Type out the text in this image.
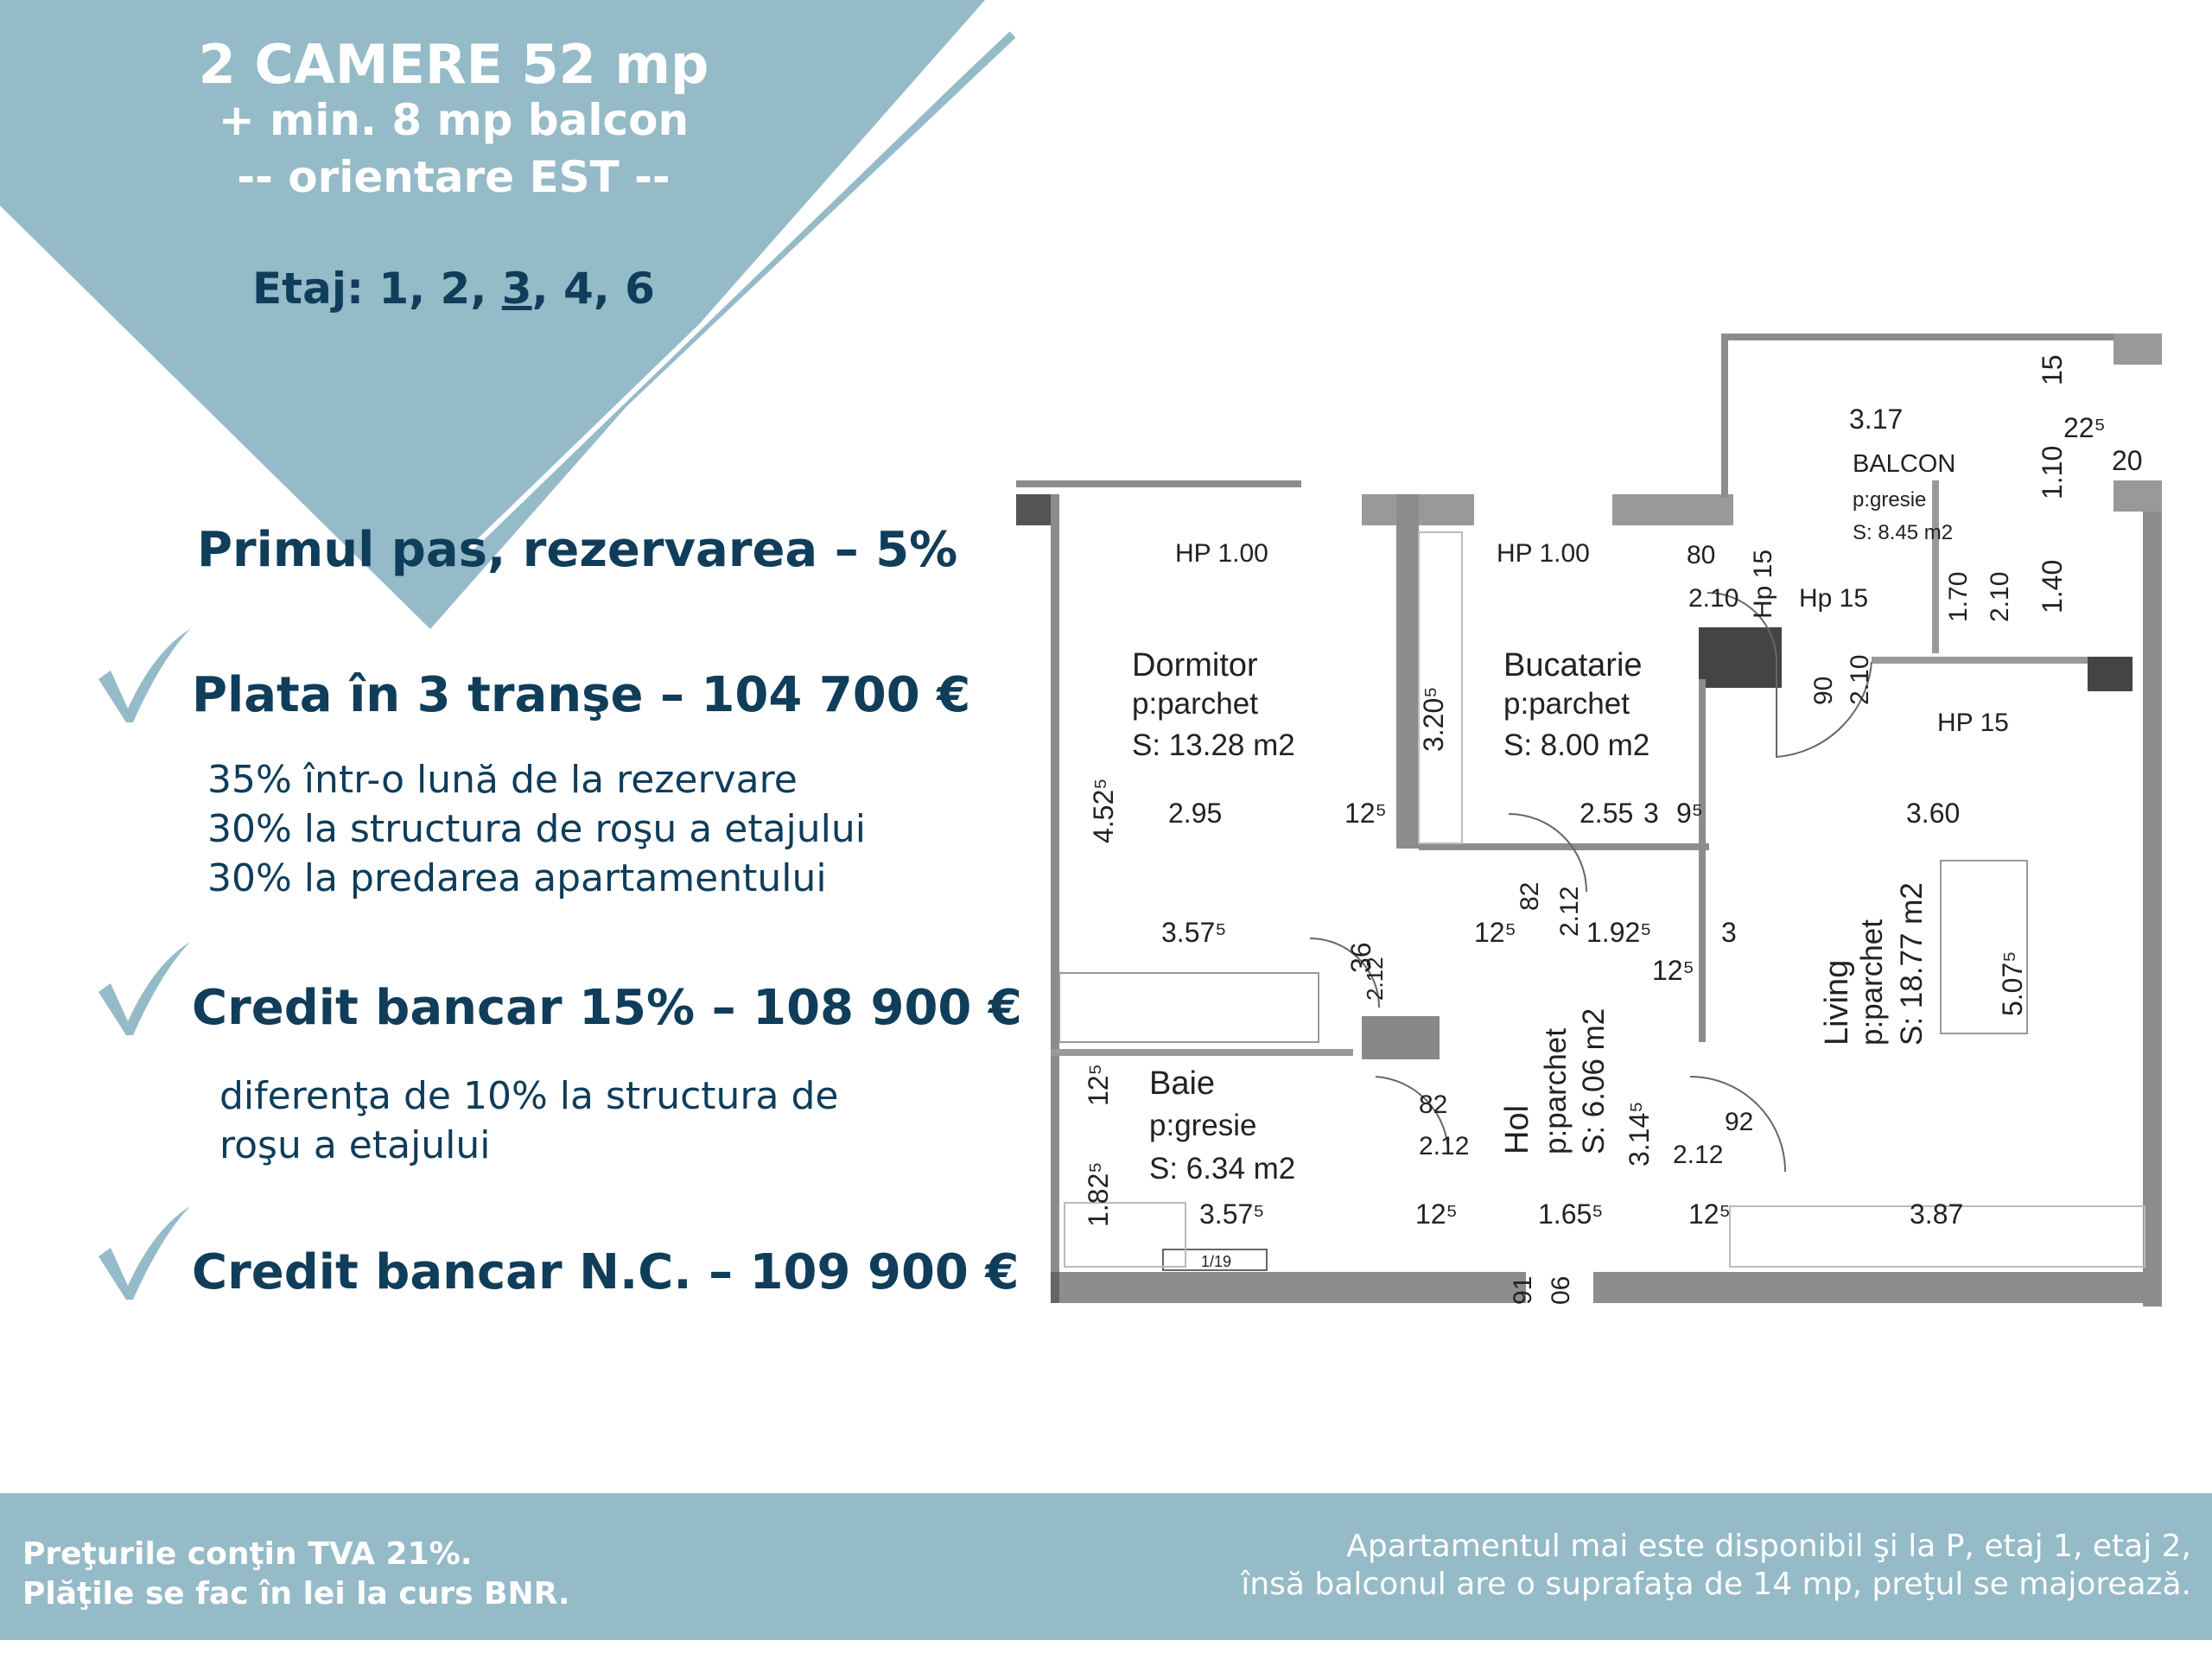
2 CAMERE 52 mp
+ min. 8 mp balcon
-- orientare EST --
Etaj: 1, 2, 3, 4, 6
Primul pas, rezervarea – 5%
Plata în 3 tranşe – 104 700 €
35% într-o lună de la rezervare
30% la structura de roşu a etajului
30% la predarea apartamentului
Credit bancar 15% – 108 900 €
diferenţa de 10% la structura de
roşu a etajului
Credit bancar N.C. – 109 900 €
Dormitor
p:parchet
S: 13.28 m2
Bucatarie
p:parchet
S: 8.00 m2
BALCON
p:gresie
S: 8.45 m2
Baie
p:gresie
S: 6.34 m2
Living p:parchet S: 18.77 m2
Hol p:parchet S: 6.06 m2
HP 1.00	HP 1.00
HP 15
Hp 15
3.17	22⁵
20
80
2.10
2.95	12⁵	2.55 3 9⁵	3.60
3.57⁵	12⁵	1.92⁵	3
12⁵
82
2.12
92
2.12
3.57⁵	12⁵	1.65⁵	12⁵	3.87
1/19
15
1.10
Hp 15	1.70 2.10 1.40
90 2.10
4.52⁵
3.20⁵
82 2.12
36
2.12	5.07⁵
12⁵
3.14⁵
1.82⁵
91 06
Preţurile conţin TVA 21%.
Plăţile se fac în lei la curs BNR.
Apartamentul mai este disponibil şi la P, etaj 1, etaj 2,
însă balconul are o suprafaţa de 14 mp, preţul se majorează.
